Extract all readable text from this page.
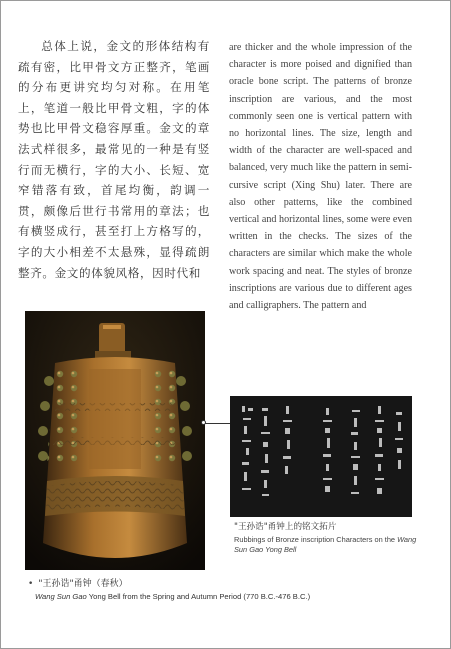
总体上说，金文的形体结构有疏有密，比甲骨文方正整齐，笔画的分布更讲究均匀对称。在用笔上，笔道一般比甲骨文粗，字的体势也比甲骨文稳容厚重。金文的章法式样很多，最常见的一种是有竖行而无横行，字的大小、长短、宽窄错落有致，首尾均衡，韵调一贯，颇像后世行书常用的章法；也有横竖成行，甚至打上方格写的，字的大小相差不太悬殊，显得疏朗整齐。金文的体貌风格，因时代和

are thicker and the whole impression of the character is more poised and dignified than oracle bone script. The patterns of bronze inscription are various, and the most commonly seen one is vertical pattern with no horizontal lines. The size, length and width of the character are well-spaced and balanced, very much like the pattern in semi-cursive script (Xing Shu) later. There are also other patterns, like the combined vertical and horizontal lines, some were even written in the checks. The sizes of the characters are similar which make the whole work spacing and neat. The styles of bronze inscriptions are various due to different ages and calligraphers. The pattern and

"王孙诰"甬钟上的铭文拓片
Rubbings of Bronze inscription Characters on the Wang Sun Gao Yong Bell
• "王孙诰"甬钟（春秋）
Wang Sun Gao Yong Bell from the Spring and Autumn Period (770 B.C.-476 B.C.)
